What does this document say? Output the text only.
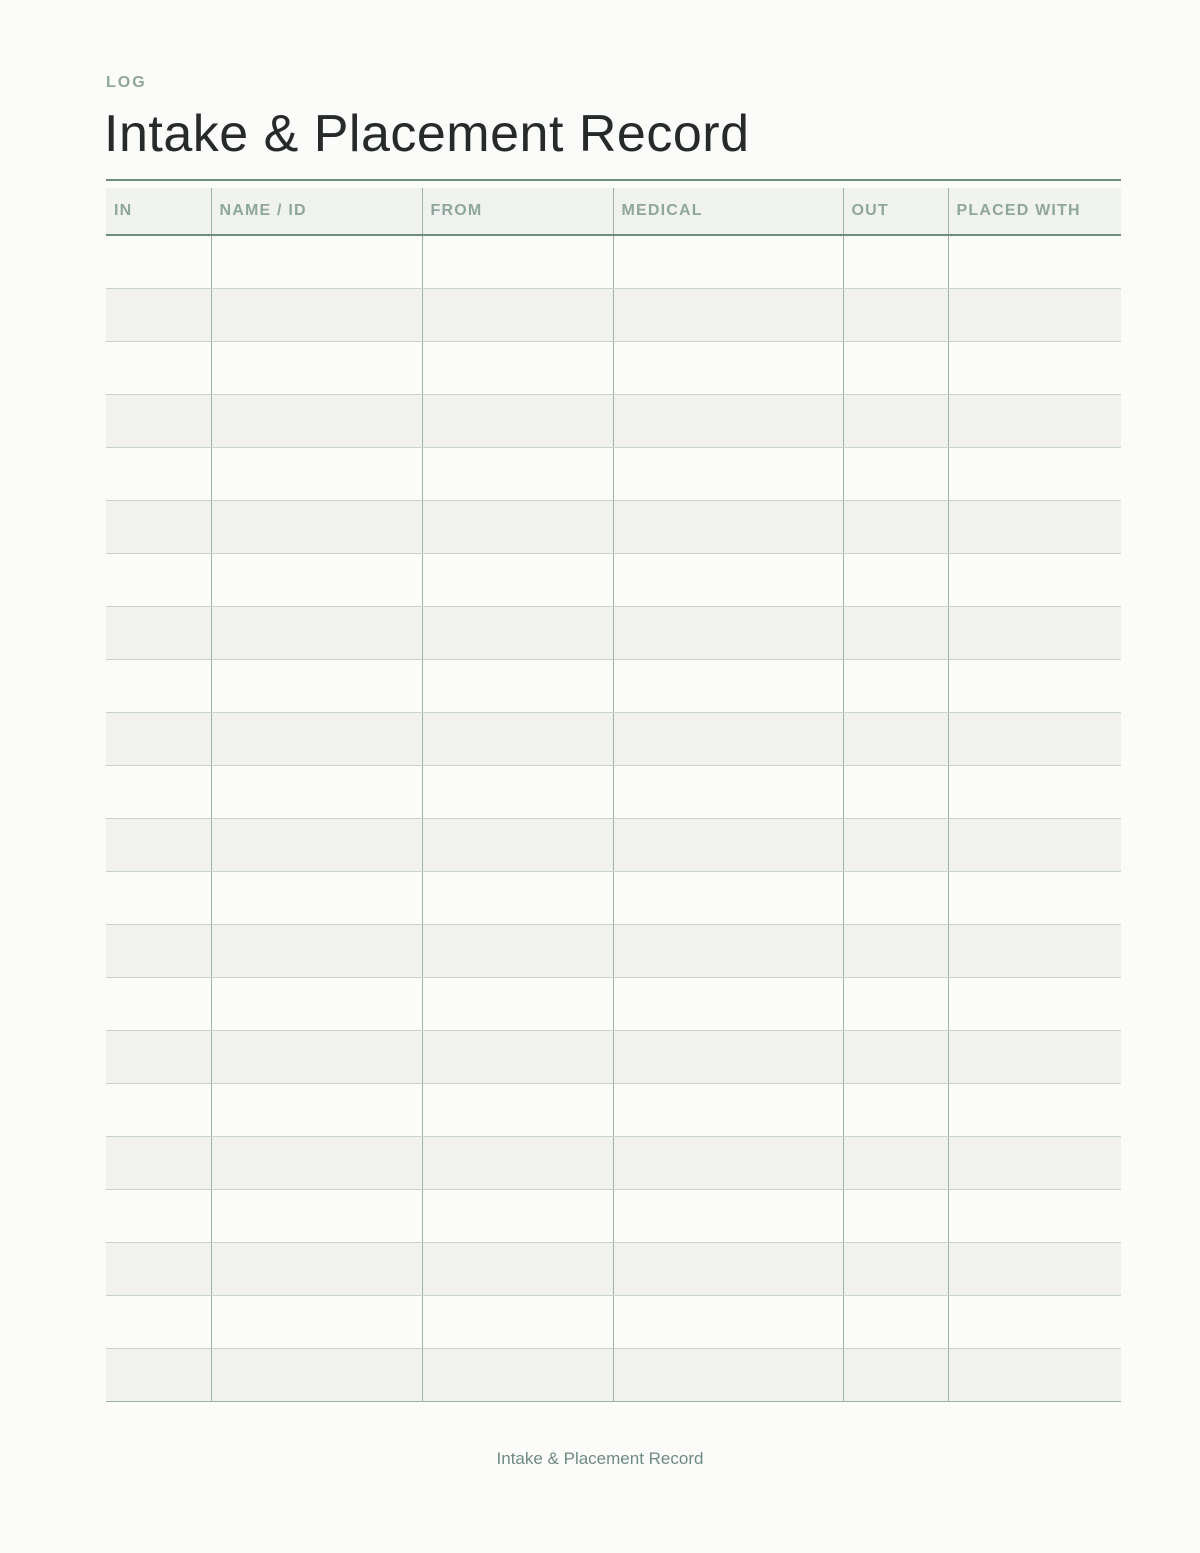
LOG
Intake & Placement Record
IN	NAME / ID	FROM	MEDICAL	OUT	PLACED WITH

Intake & Placement Record
